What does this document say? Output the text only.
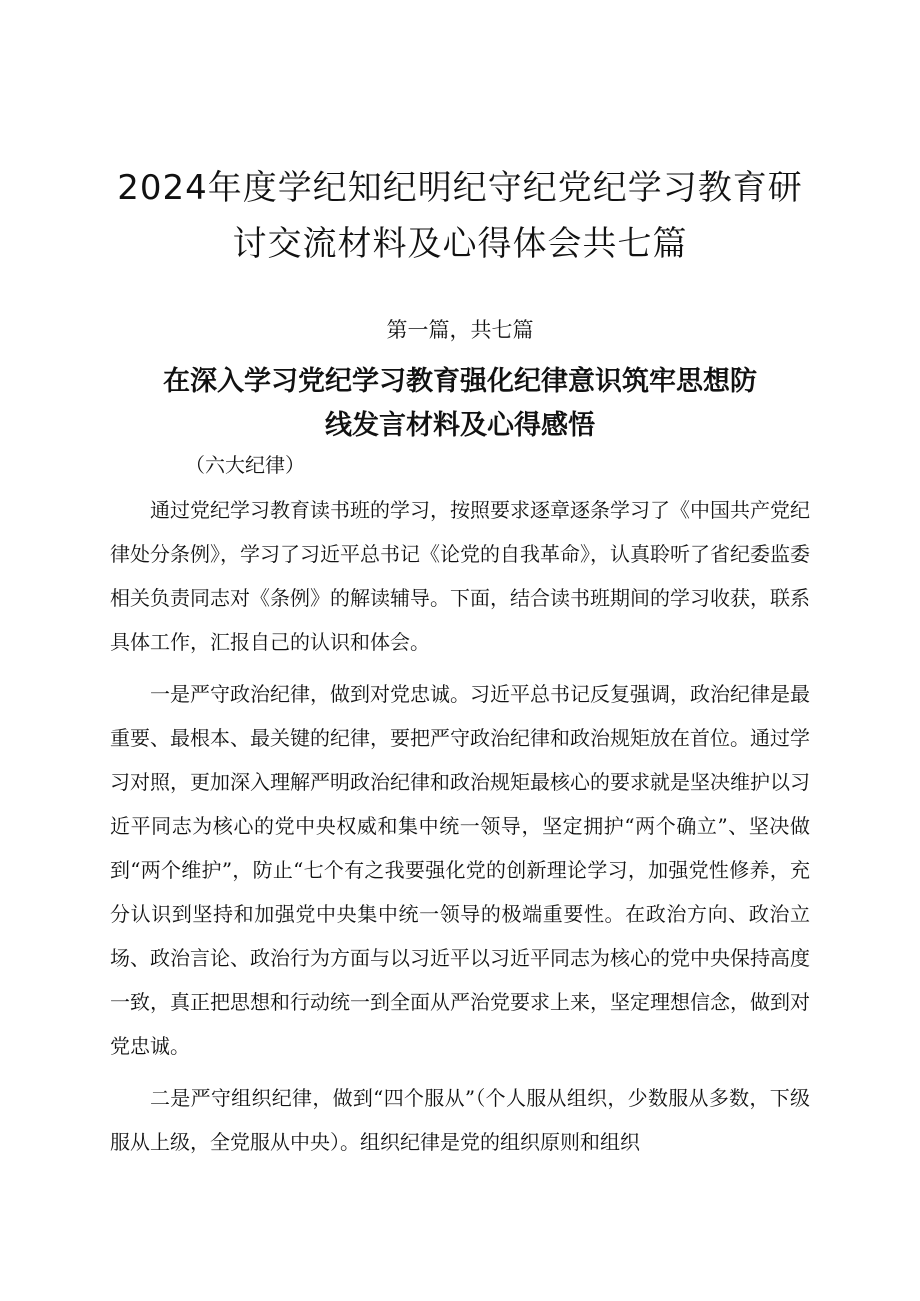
2024年度学纪知纪明纪守纪党纪学习教育研讨交流材料及心得体会共七篇
第一篇，共七篇
在深入学习党纪学习教育强化纪律意识筑牢思想防线发言材料及心得感悟
（六大纪律）

通过党纪学习教育读书班的学习，按照要求逐章逐条学习了《中国共产党纪律处分条例》，学习了习近平总书记《论党的自我革命》，认真聆听了省纪委监委相关负责同志对《条例》的解读辅导。下面，结合读书班期间的学习收获，联系具体工作，汇报自己的认识和体会。

一是严守政治纪律，做到对党忠诚。习近平总书记反复强调，政治纪律是最重要、最根本、最关键的纪律，要把严守政治纪律和政治规矩放在首位。通过学习对照，更加深入理解严明政治纪律和政治规矩最核心的要求就是坚决维护以习近平同志为核心的党中央权威和集中统一领导，坚定拥护“两个确立”、坚决做到“两个维护”，防止“七个有之我要强化党的创新理论学习，加强党性修养，充分认识到坚持和加强党中央集中统一领导的极端重要性。在政治方向、政治立场、政治言论、政治行为方面与以习近平以习近平同志为核心的党中央保持高度一致，真正把思想和行动统一到全面从严治党要求上来，坚定理想信念，做到对党忠诚。

二是严守组织纪律，做到“四个服从”（个人服从组织，少数服从多数，下级服从上级，全党服从中央）。组织纪律是党的组织原则和组织
